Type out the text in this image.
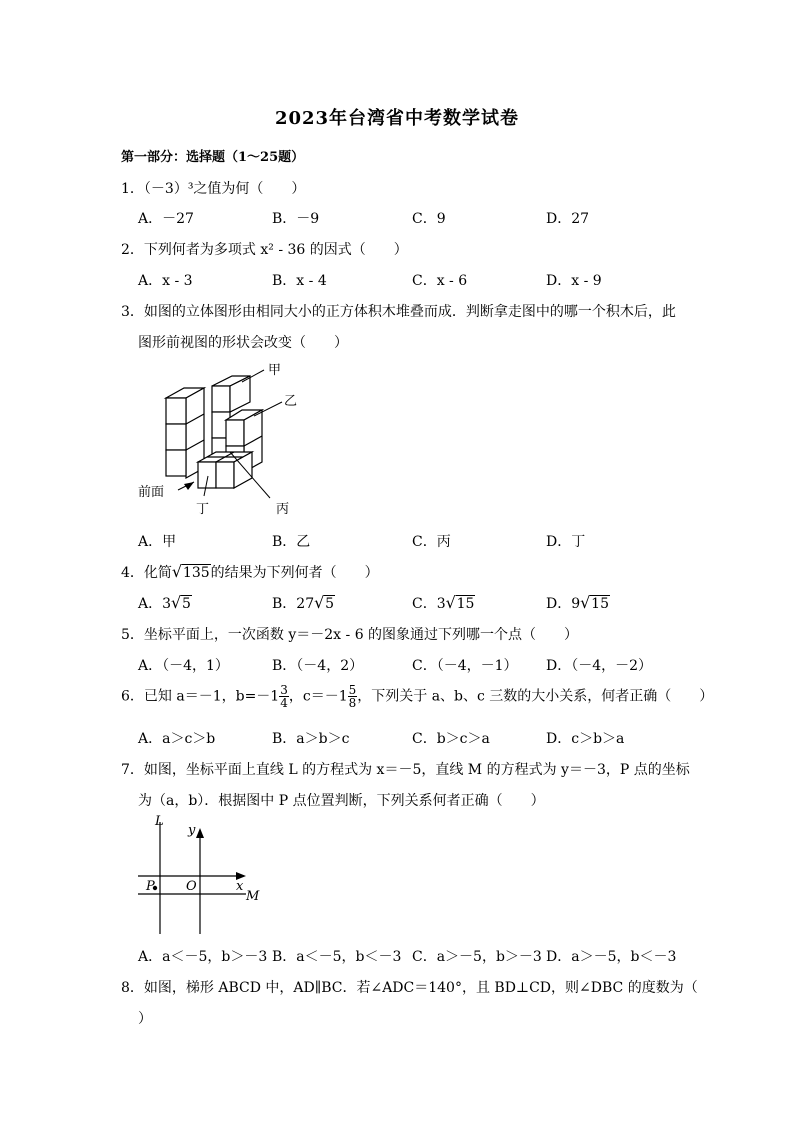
2023年台湾省中考数学试卷
第一部分：选择题（1～25题）
1．（－3）³之值为何（　　）
A．－27	B．－9	C．9	D．27
2．下列何者为多项式 x² - 36 的因式（　　）
A．x - 3	B．x - 4	C．x - 6	D．x - 9
3．如图的立体图形由相同大小的正方体积木堆叠而成．判断拿走图中的哪一个积木后，此
图形前视图的形状会改变（　　）
甲
乙
丙
丁
前面
A．甲	B．乙	C．丙	D．丁
4．化简 √ 135的结果为下列何者（　　）
A．3 √ 5	B．27 √ 5	C．3 √ 15	D．9 √ 15
5．坐标平面上，一次函数 y＝－2x - 6 的图象通过下列哪一个点（　　）
A．（－4，1）	B．（－4，2）	C．（－4，－1） D．（－4，－2）
6．已知 a＝－1，$b=-1 \frac{3}{4}$ ，$c=-1 \frac{5}{8}$ ，下列关于 a、b、c 三数的大小关系，何者正确（　　）
A．a＞c＞b	B．a＞b＞c	C．b＞c＞a	D．c＞b＞a
7．如图，坐标平面上直线 L 的方程式为 x＝－5，直线 M 的方程式为 y＝－3，P 点的坐标
为（a，b）．根据图中 P 点位置判断，下列关系何者正确（　　）
L
y
O	x
P
M
A．a＜－5，b＞－3 B．a＜－5，b＜－3 C．a＞－5，b＞－3 D．a＞－5，b＜－3
8．如图，梯形 ABCD 中，AD∥BC．若∠ADC＝140°，且 BD⊥CD，则∠DBC 的度数为（
）
